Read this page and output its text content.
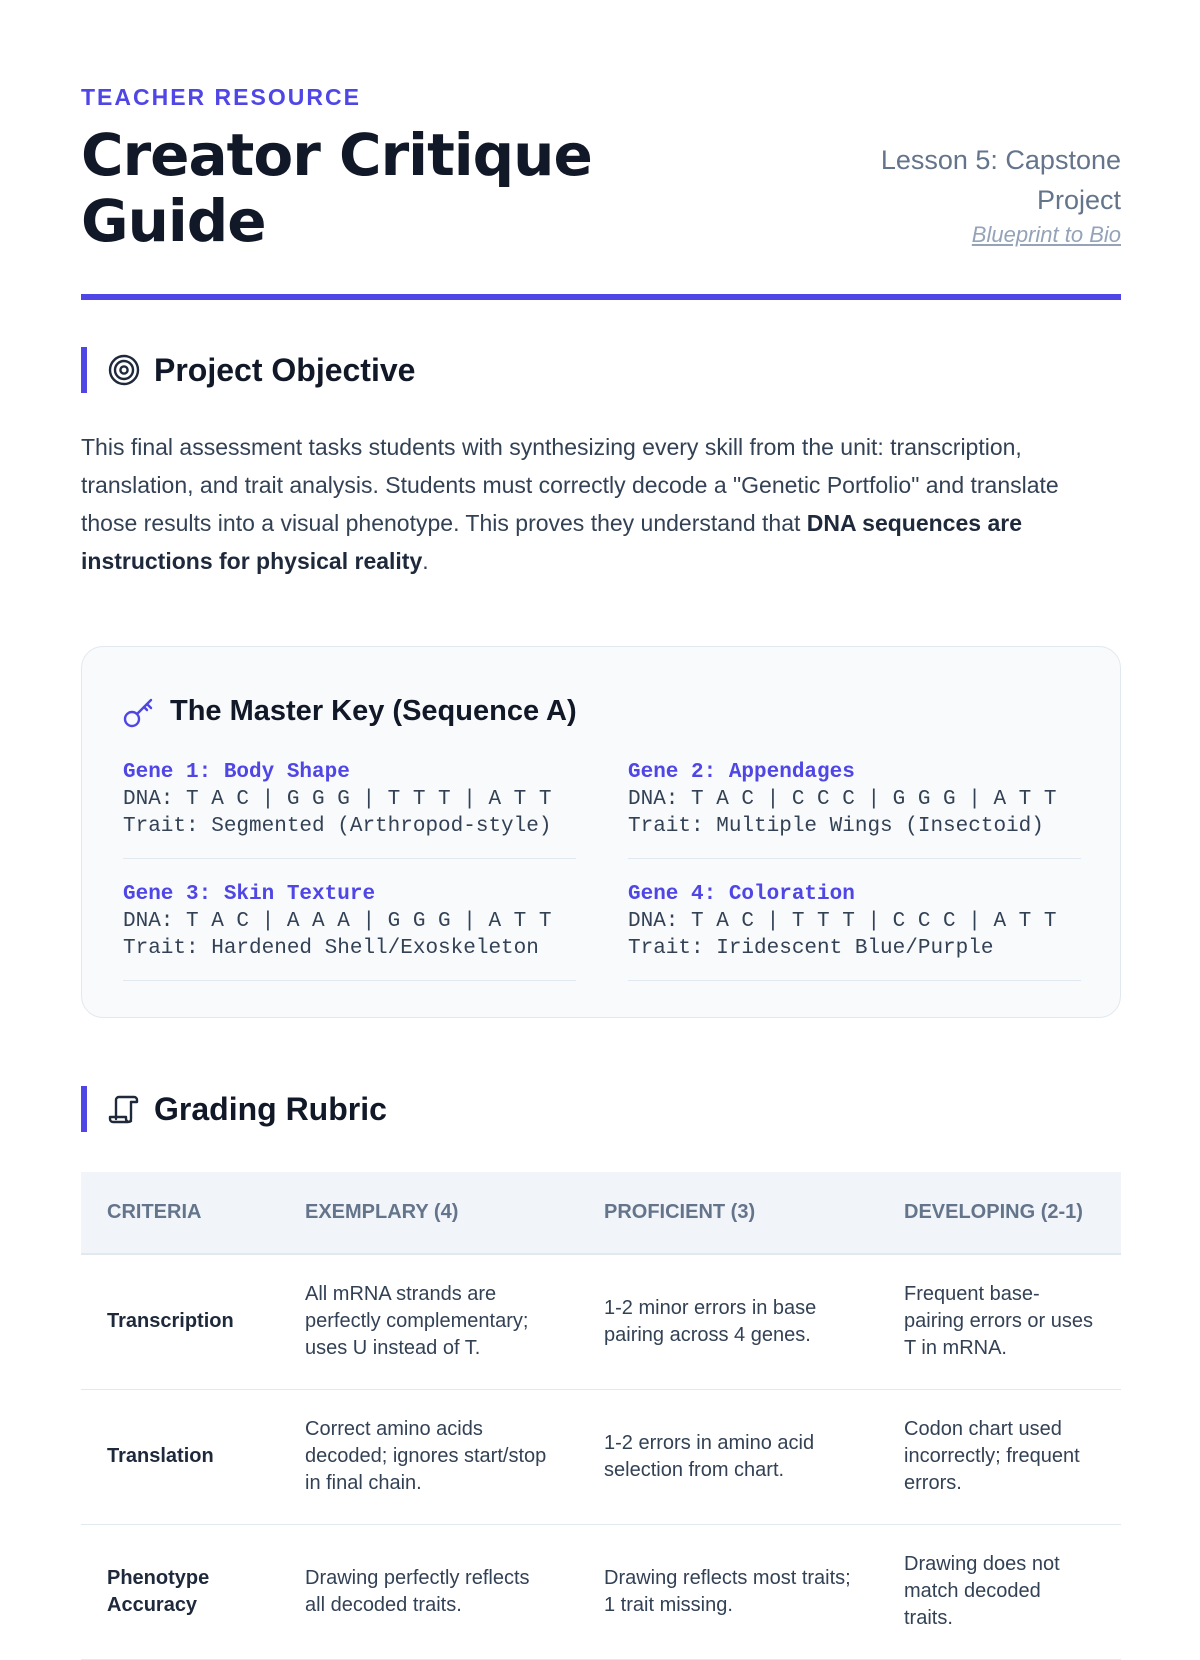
TEACHER RESOURCE
Creator Critique Guide
Lesson 5: Capstone Project
Blueprint to Bio
Project Objective

This final assessment tasks students with synthesizing every skill from the unit: transcription, translation, and trait analysis. Students must correctly decode a "Genetic Portfolio" and translate those results into a visual phenotype. This proves they understand that DNA sequences are instructions for physical reality.

The Master Key (Sequence A)
Gene 1: Body Shape
DNA: T A C | G G G | T T T | A T T
Trait: Segmented (Arthropod-style)
Gene 2: Appendages
DNA: T A C | C C C | G G G | A T T
Trait: Multiple Wings (Insectoid)
Gene 3: Skin Texture
DNA: T A C | A A A | G G G | A T T
Trait: Hardened Shell/Exoskeleton
Gene 4: Coloration
DNA: T A C | T T T | C C C | A T T
Trait: Iridescent Blue/Purple
Grading Rubric
CRITERIA	EXEMPLARY (4)	PROFICIENT (3)	DEVELOPING (2-1)
Transcription	All mRNA strands are perfectly complementary; uses U instead of T.	1-2 minor errors in base pairing across 4 genes.	Frequent base-pairing errors or uses T in mRNA.
Translation	Correct amino acids decoded; ignores start/stop in final chain.	1-2 errors in amino acid selection from chart.	Codon chart used incorrectly; frequent errors.
Phenotype Accuracy	Drawing perfectly reflects all decoded traits.	Drawing reflects most traits; 1 trait missing.	Drawing does not match decoded traits.
